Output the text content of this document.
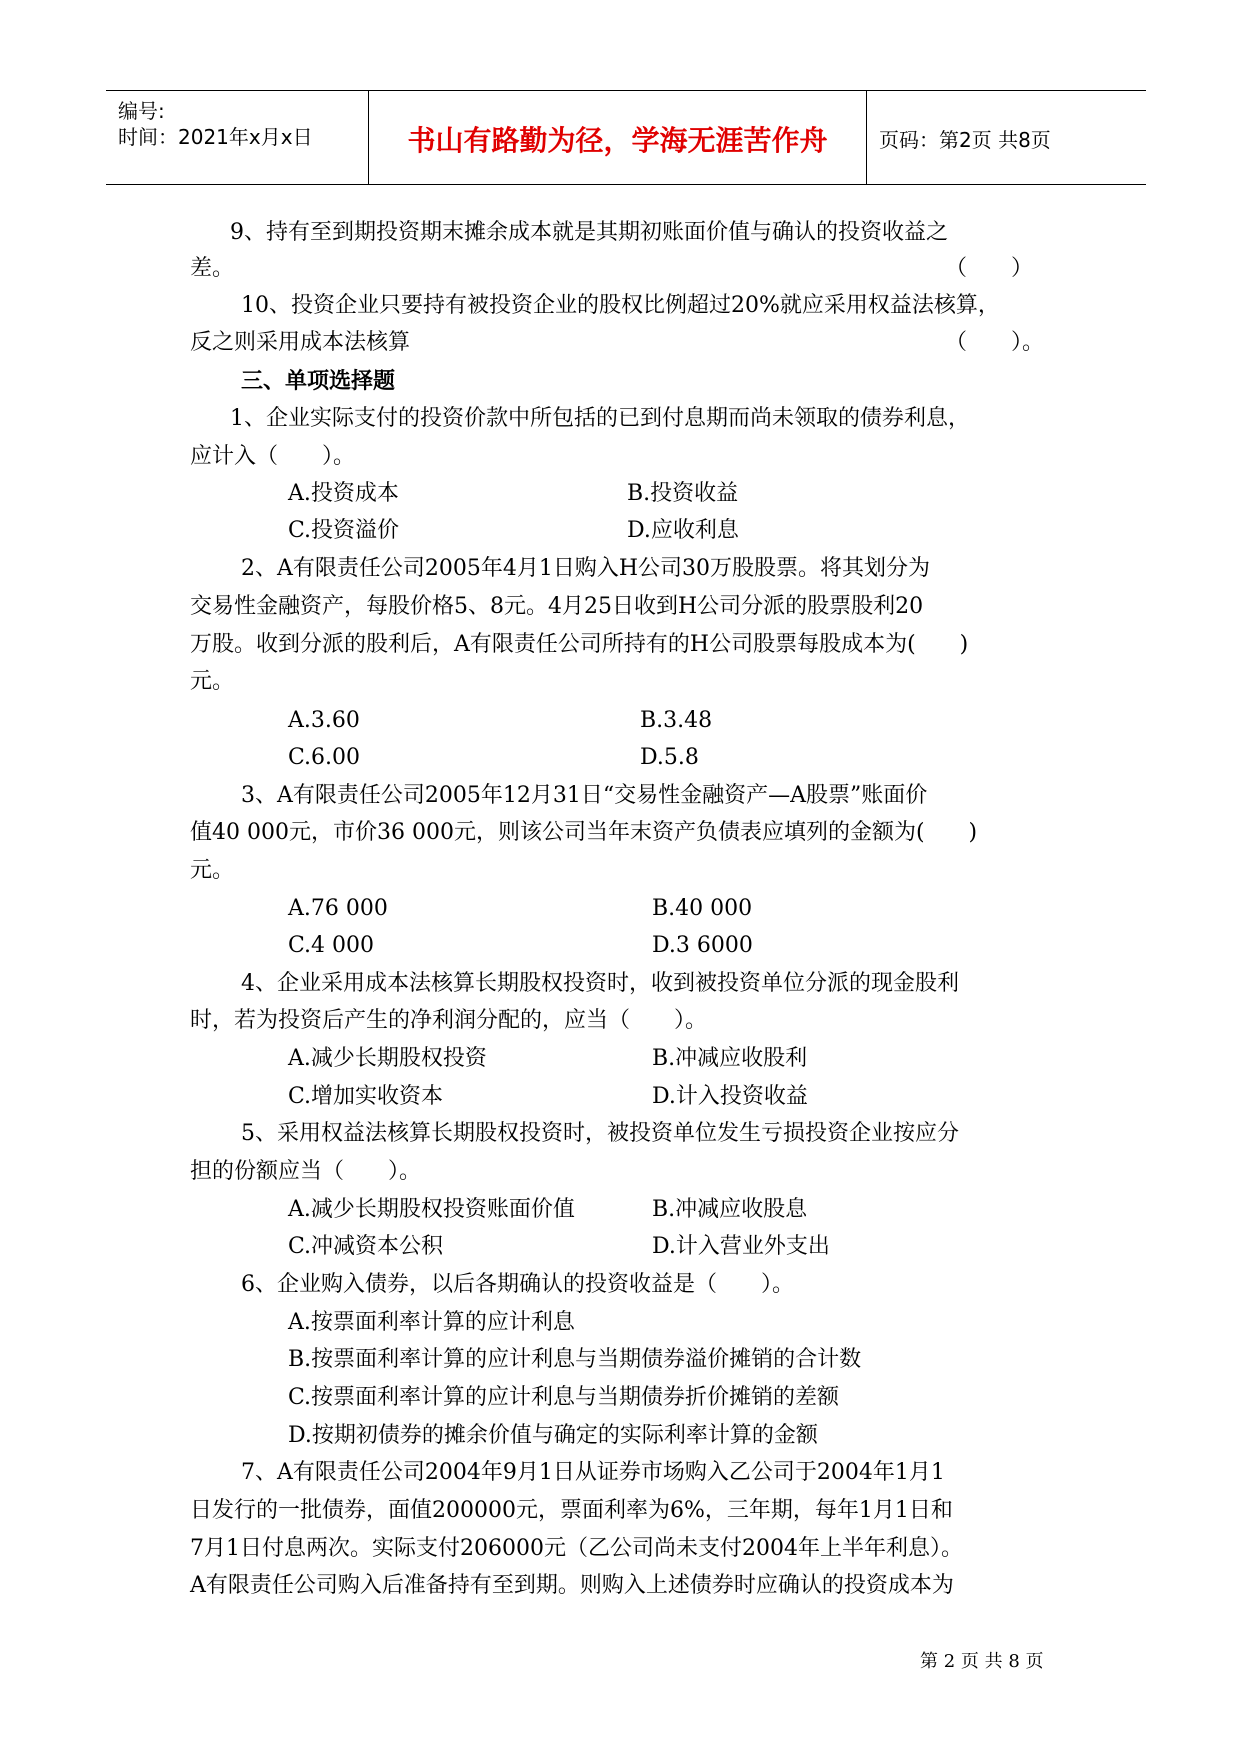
编号:
时间：2021年x月x日	书山有路勤为径，学海无涯苦作舟	页码：第2页 共8页
9、持有至到期投资期末摊余成本就是其期初账面价值与确认的投资收益之
差。	（　　）
10、投资企业只要持有被投资企业的股权比例超过20%就应采用权益法核算，
反之则采用成本法核算	（　　）。
三、单项选择题
1、企业实际支付的投资价款中所包括的已到付息期而尚未领取的债券利息，
应计入（　　）。
A.投资成本	B.投资收益
C.投资溢价	D.应收利息
2、A有限责任公司2005年4月1日购入H公司30万股股票。将其划分为
交易性金融资产，每股价格5、8元。4月25日收到H公司分派的股票股利20
万股。收到分派的股利后，A有限责任公司所持有的H公司股票每股成本为(　　)
元。
A.3.60	B.3.48
C.6.00	D.5.8
3、A有限责任公司2005年12月31日“交易性金融资产—A股票”账面价
值40 000元，市价36 000元，则该公司当年末资产负债表应填列的金额为(　　)
元。
A.76 000	B.40 000
C.4 000	D.3 6000
4、企业采用成本法核算长期股权投资时，收到被投资单位分派的现金股利
时，若为投资后产生的净利润分配的，应当（　　）。
A.减少长期股权投资	B.冲减应收股利
C.增加实收资本	D.计入投资收益
5、采用权益法核算长期股权投资时，被投资单位发生亏损投资企业按应分
担的份额应当（　　）。
A.减少长期股权投资账面价值	B.冲减应收股息
C.冲减资本公积	D.计入营业外支出
6、企业购入债券，以后各期确认的投资收益是（　　）。
A.按票面利率计算的应计利息
B.按票面利率计算的应计利息与当期债券溢价摊销的合计数
C.按票面利率计算的应计利息与当期债券折价摊销的差额
D.按期初债券的摊余价值与确定的实际利率计算的金额
7、A有限责任公司2004年9月1日从证券市场购入乙公司于2004年1月1
日发行的一批债券，面值200000元，票面利率为6%，三年期，每年1月1日和
7月1日付息两次。实际支付206000元（乙公司尚未支付2004年上半年利息）。
A有限责任公司购入后准备持有至到期。则购入上述债券时应确认的投资成本为
第 2 页 共 8 页
